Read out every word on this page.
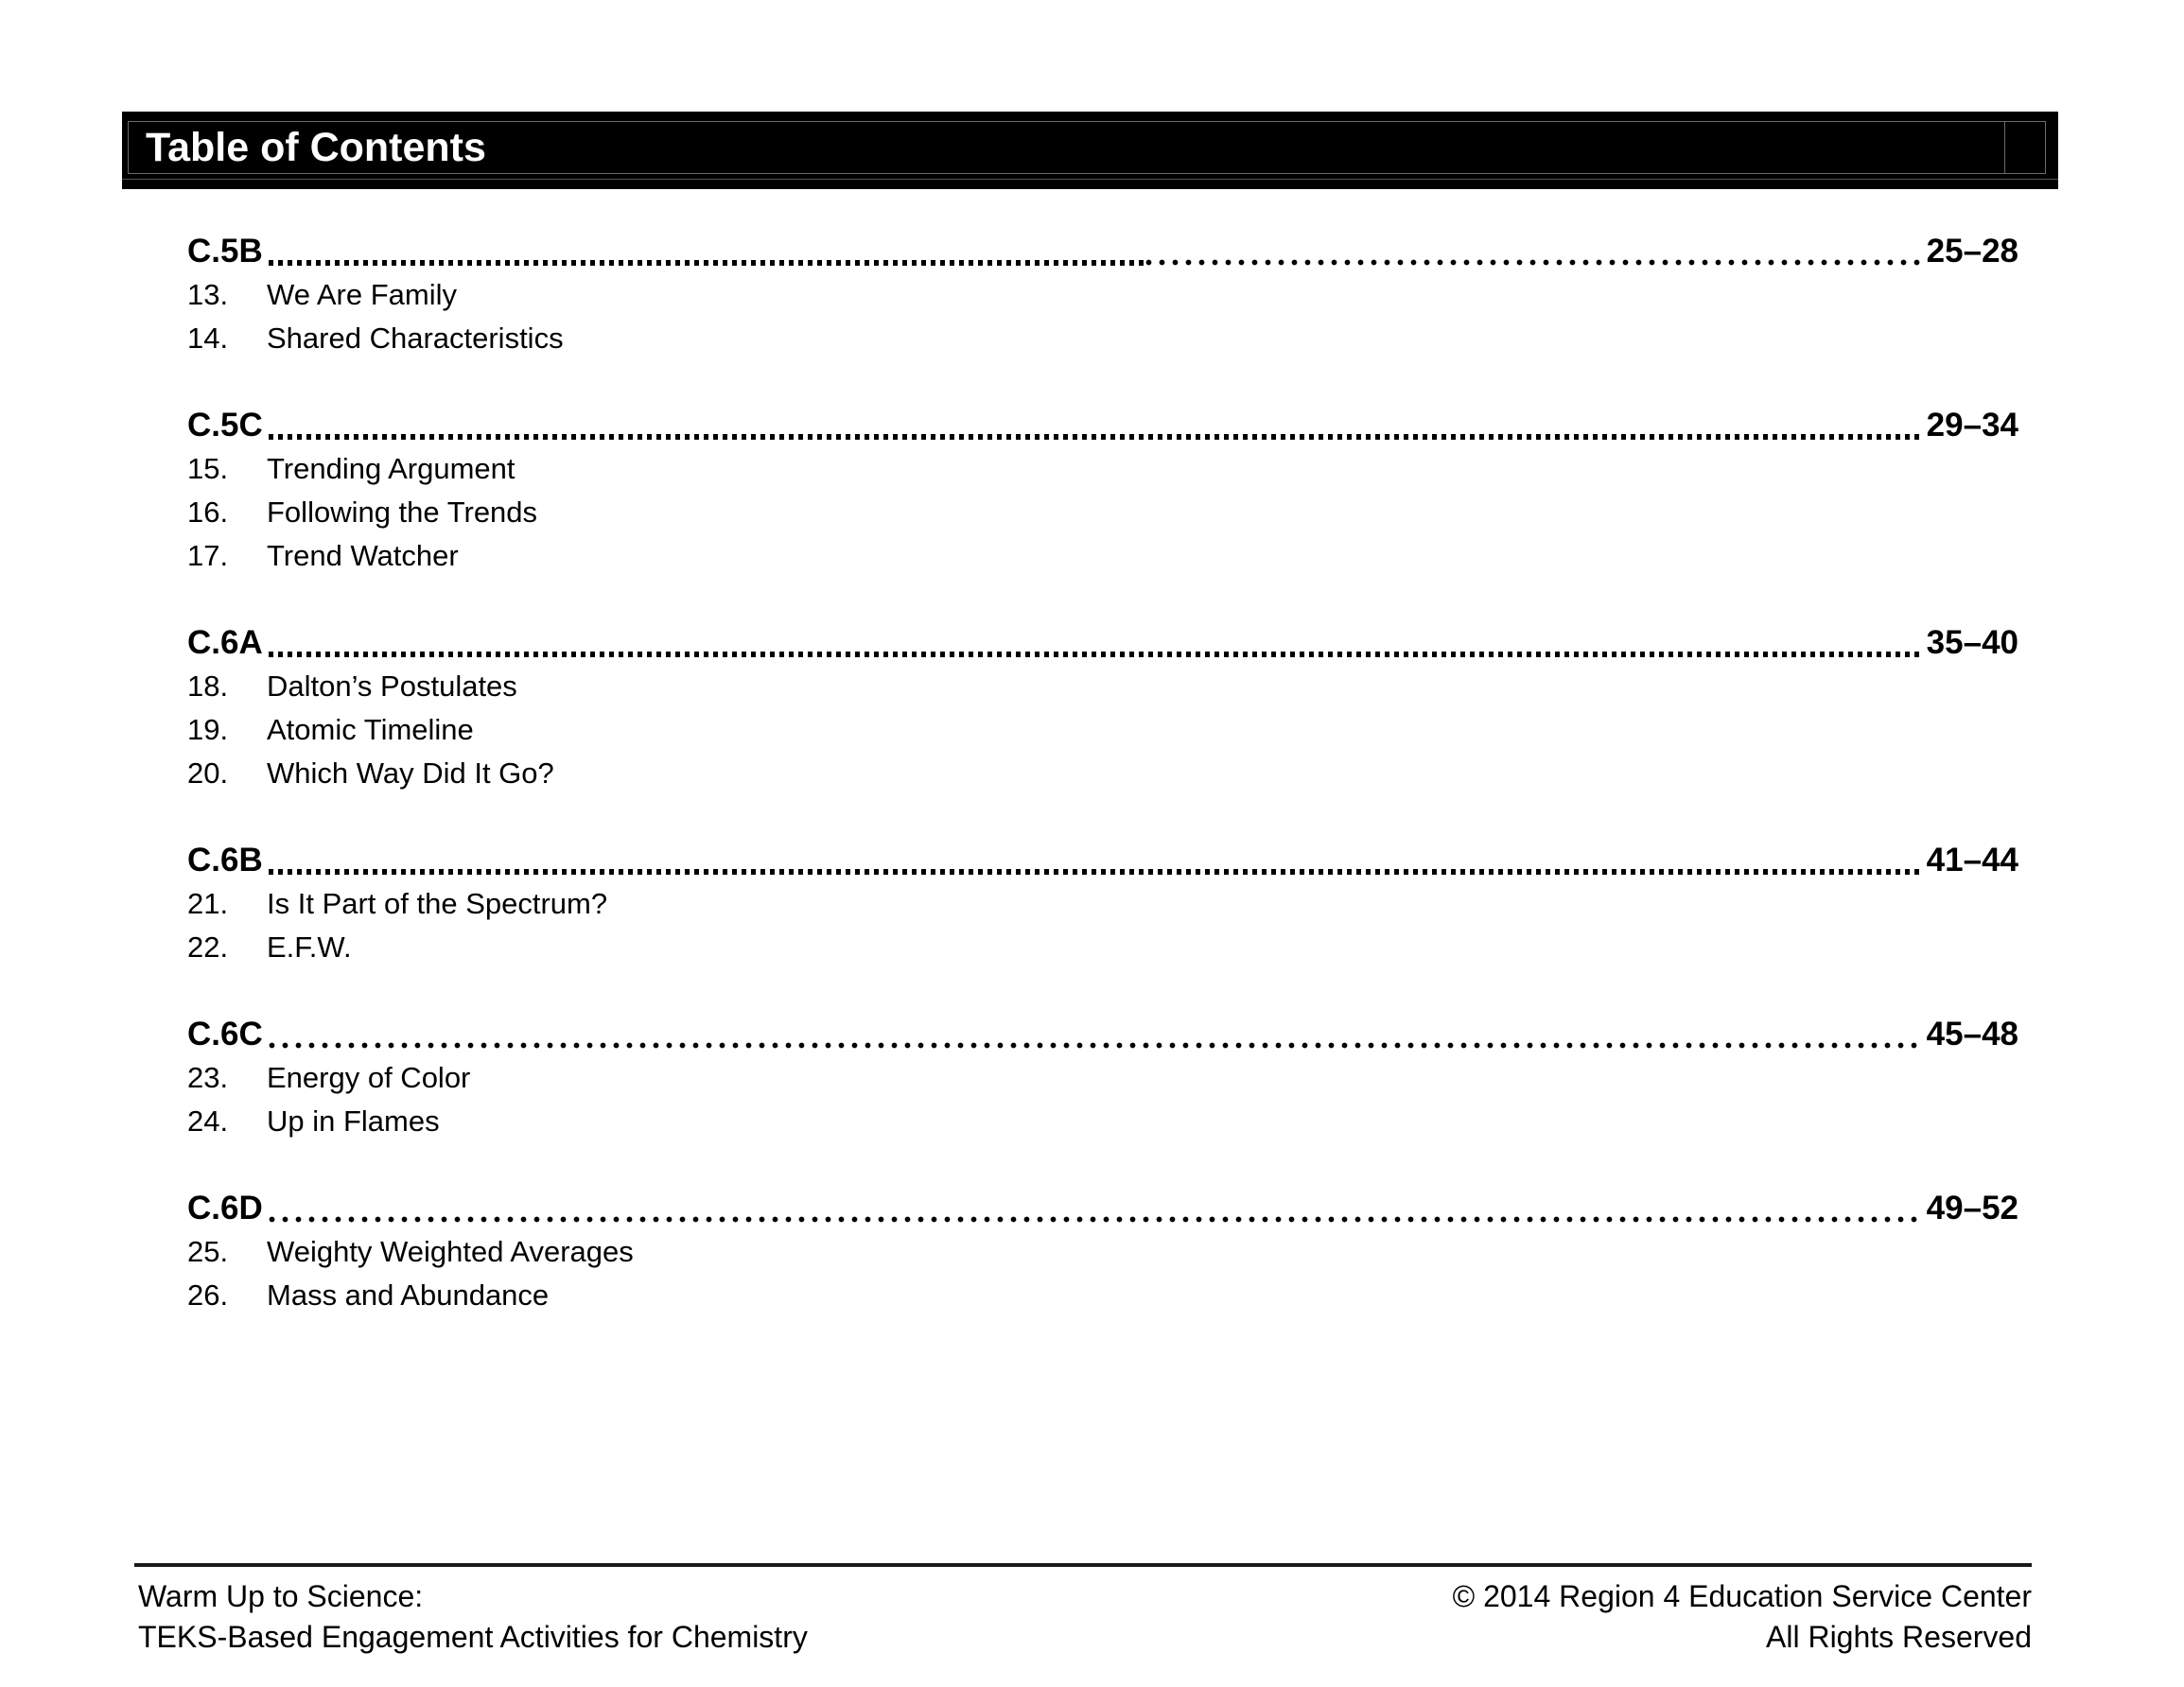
Table of Contents
C.5B	25–28
13.	We Are Family
14.	Shared Characteristics
C.5C	29–34
15.	Trending Argument
16.	Following the Trends
17.	Trend Watcher
C.6A	35–40
18.	Dalton’s Postulates
19.	Atomic Timeline
20.	Which Way Did It Go?
C.6B	41–44
21.	Is It Part of the Spectrum?
22.	E.F.W.
C.6C	45–48
23.	Energy of Color
24.	Up in Flames
C.6D	49–52
25.	Weighty Weighted Averages
26.	Mass and Abundance
Warm Up to Science:
TEKS-Based Engagement Activities for Chemistry
© 2014 Region 4 Education Service Center
All Rights Reserved
